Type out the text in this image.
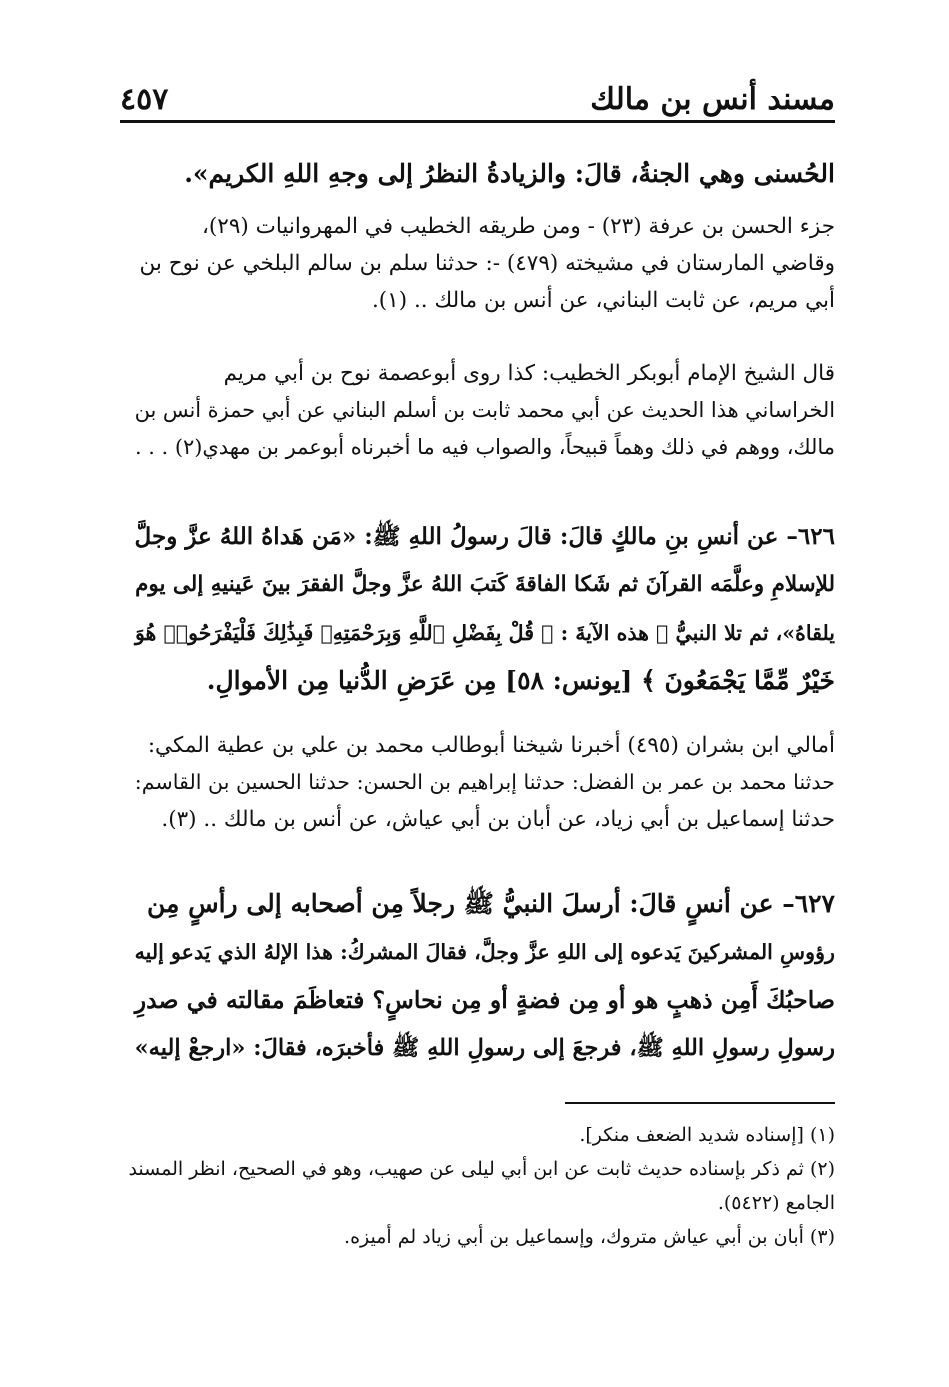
مسند أنس بن مالك
٤٥٧
الحُسنى وهي الجنةُ، قالَ: والزيادةُ النظرُ إلى وجهِ اللهِ الكريم».
جزء الحسن بن عرفة (٢٣) - ومن طريقه الخطيب في المهروانيات (٢٩)،
وقاضي المارستان في مشيخته (٤٧٩) -: حدثنا سلم بن سالم البلخي عن نوح بن
أبي مريم، عن ثابت البناني، عن أنس بن مالك .. (١).
قال الشيخ الإمام أبوبكر الخطيب: كذا روى أبوعصمة نوح بن أبي مريم
الخراساني هذا الحديث عن أبي محمد ثابت بن أسلم البناني عن أبي حمزة أنس بن
مالك، ووهم في ذلك وهماً قبيحاً، والصواب فيه ما أخبرناه أبوعمر بن مهدي(٢) . . .
٦٢٦– عن أنسِ بنِ مالكٍ قالَ: قالَ رسولُ اللهِ ﷺ: «مَن هَداهُ اللهُ عزَّ وجلَّ
للإسلامِ وعلَّمَه القرآنَ ثم شَكا الفاقةَ كَتبَ اللهُ عزَّ وجلَّ الفقرَ بينَ عَينيهِ إلى يوم
يلقاهُ»، ثم تلا النبيُّ ﷺ هذه الآيةَ : ﴿ قُلْ بِفَضْلِ ٱللَّهِ وَبِرَحْمَتِهِۦ فَبِذَٰلِكَ فَلْيَفْرَحُوا۟ هُوَ
خَيْرٌ مِّمَّا يَجْمَعُونَ ﴾ [يونس: ٥٨] مِن عَرَضِ الدُّنيا مِن الأموالِ.
أمالي ابن بشران (٤٩٥) أخبرنا شيخنا أبوطالب محمد بن علي بن عطية المكي:
حدثنا محمد بن عمر بن الفضل: حدثنا إبراهيم بن الحسن: حدثنا الحسين بن القاسم:
حدثنا إسماعيل بن أبي زياد، عن أبان بن أبي عياش، عن أنس بن مالك .. (٣).
٦٢٧– عن أنسٍ قالَ: أرسلَ النبيُّ ﷺ رجلاً مِن أصحابه إلى رأسٍ مِن
رؤوسِ المشركينَ يَدعوه إلى اللهِ عزَّ وجلَّ، فقالَ المشركُ: هذا الإلهُ الذي يَدعو إليه
صاحبُكَ أَمِن ذهبٍ هو أو مِن فضةٍ أو مِن نحاسٍ؟ فتعاظَمَ مقالته في صدرِ
رسولِ رسولِ اللهِ ﷺ، فرجعَ إلى رسولِ اللهِ ﷺ فأخبرَه، فقالَ: «ارجعْ إليه»
(١) [إسناده شديد الضعف منكر].
(٢) ثم ذكر بإسناده حديث ثابت عن ابن أبي ليلى عن صهيب، وهو في الصحيح، انظر المسند
الجامع (٥٤٢٢).
(٣) أبان بن أبي عياش متروك، وإسماعيل بن أبي زياد لم أميزه.
